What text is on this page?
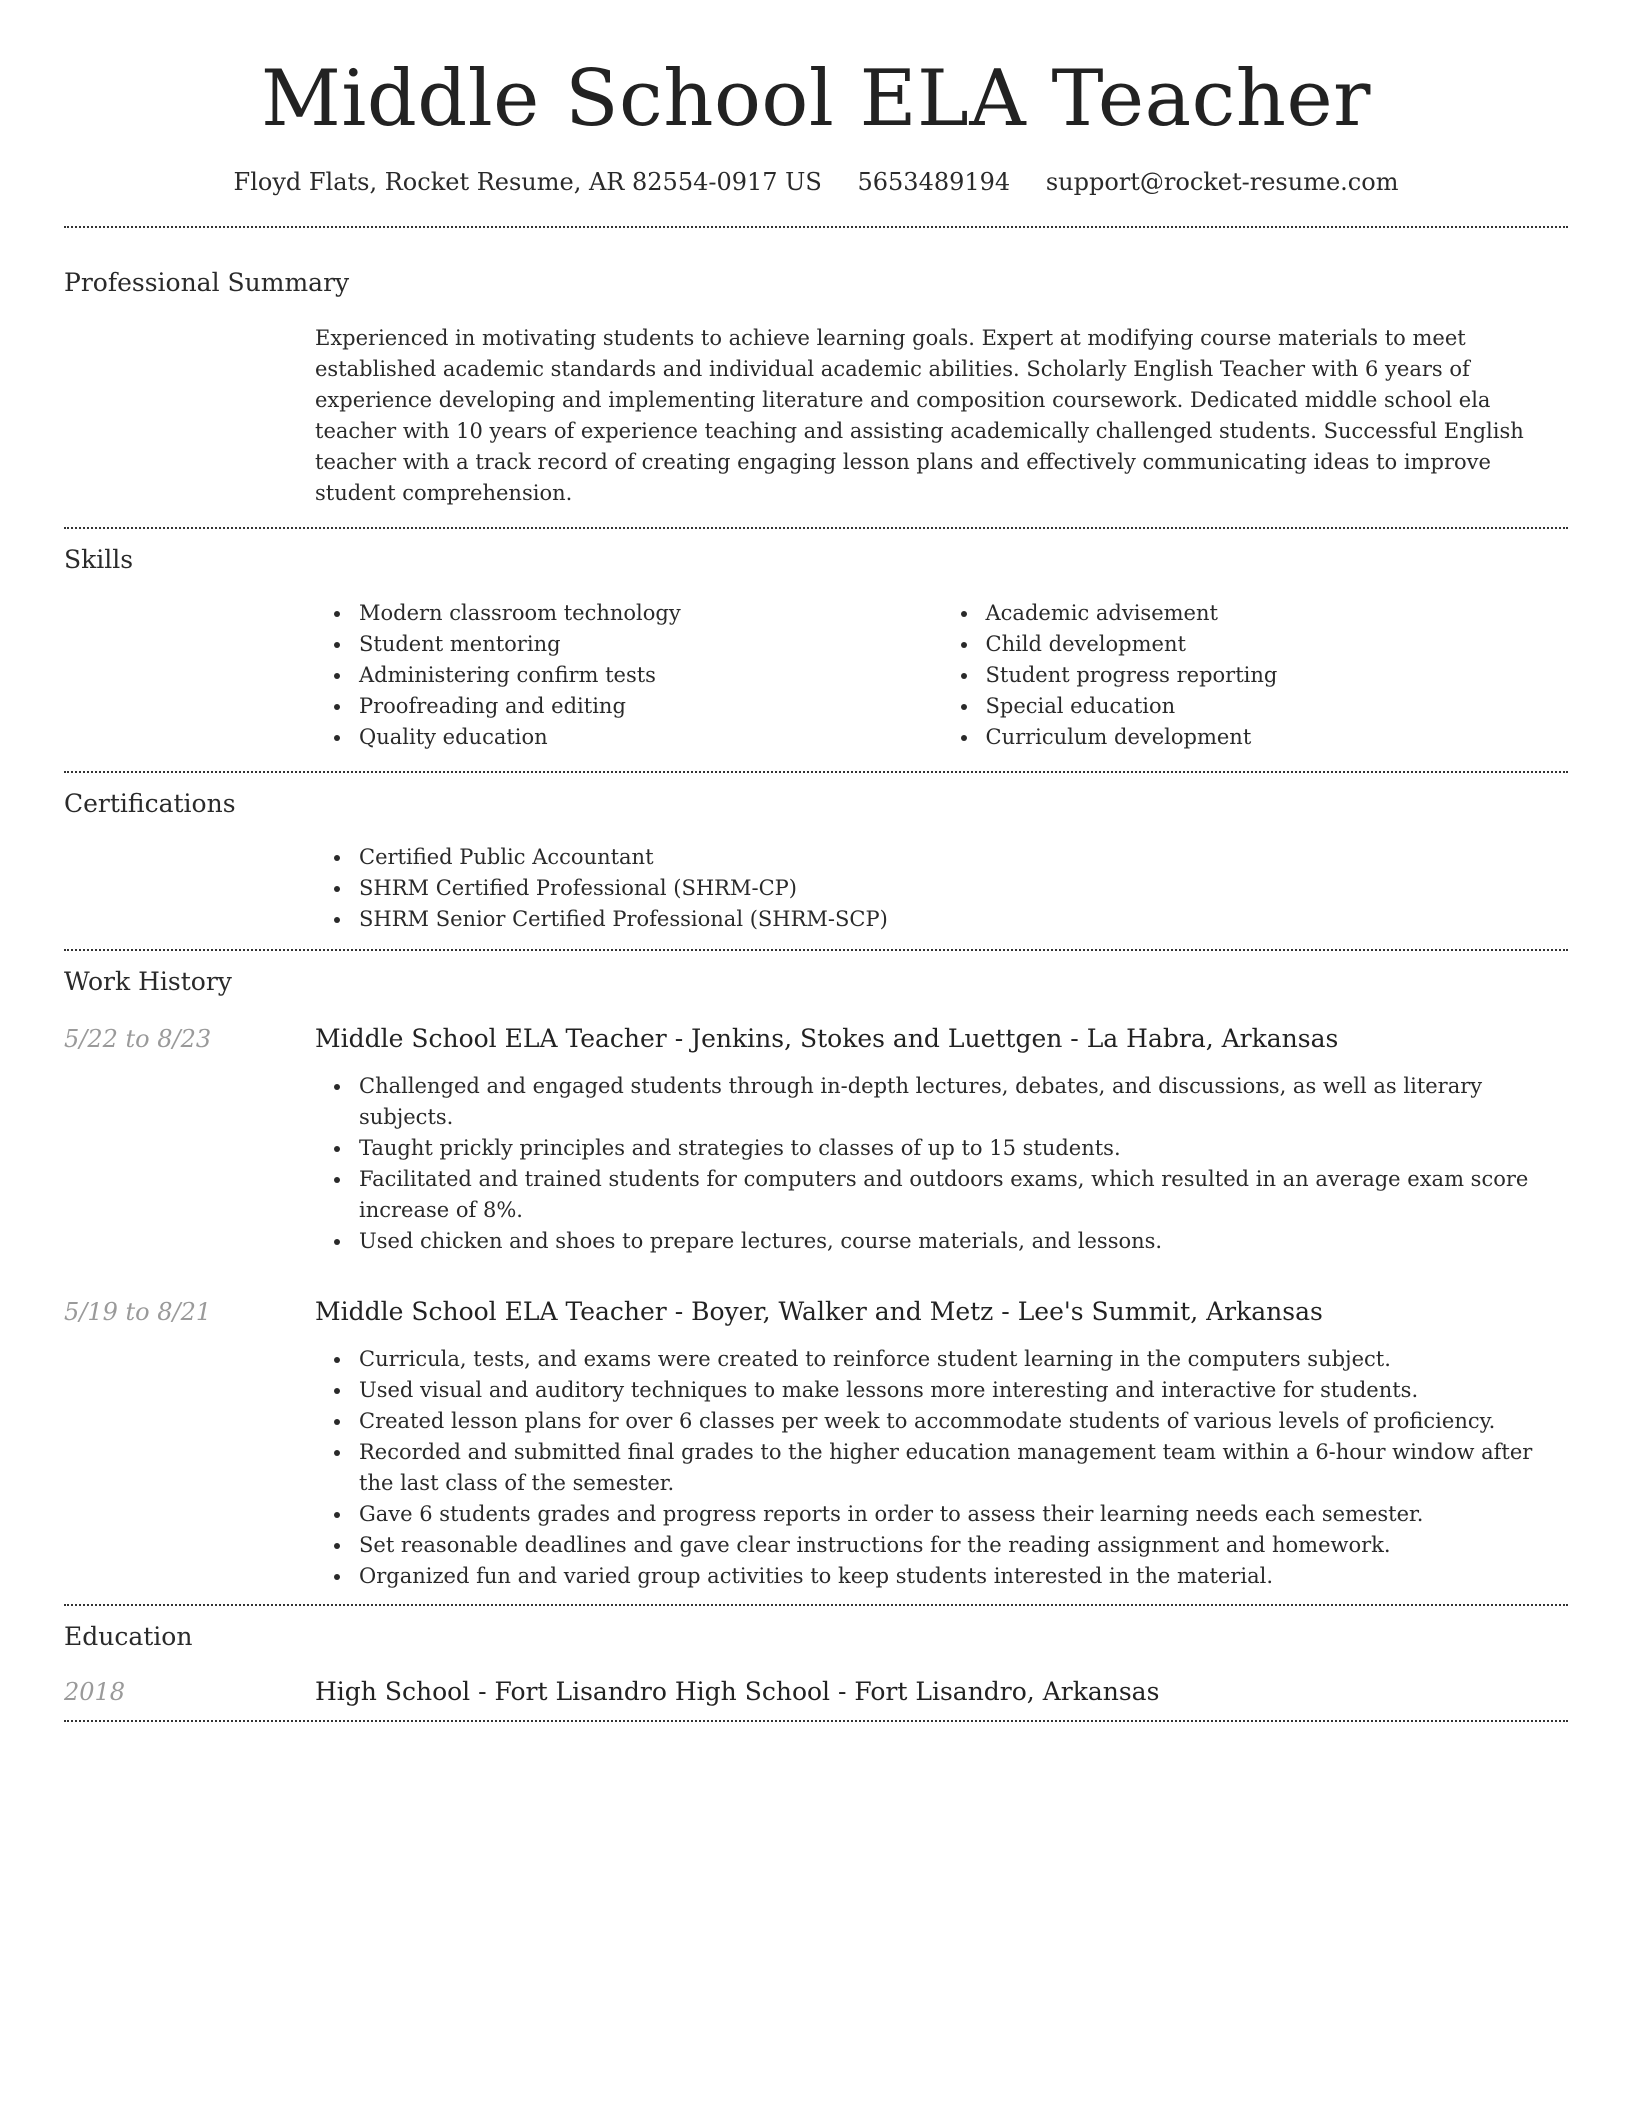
Middle School ELA Teacher
Floyd Flats, Rocket Resume, AR 82554-0917 US 5653489194 support@rocket-resume.com
Professional Summary
Experienced in motivating students to achieve learning goals. Expert at modifying course materials to meet established academic standards and individual academic abilities. Scholarly English Teacher with 6 years of experience developing and implementing literature and composition coursework. Dedicated middle school ela teacher with 10 years of experience teaching and assisting academically challenged students. Successful English teacher with a track record of creating engaging lesson plans and effectively communicating ideas to improve student comprehension.
Skills
Modern classroom technology
Student mentoring
Administering confirm tests
Proofreading and editing
Quality education
Academic advisement
Child development
Student progress reporting
Special education
Curriculum development
Certifications
Certified Public Accountant
SHRM Certified Professional (SHRM-CP)
SHRM Senior Certified Professional (SHRM-SCP)
Work History
5/22 to 8/23	Middle School ELA Teacher - Jenkins, Stokes and Luettgen - La Habra, Arkansas
Challenged and engaged students through in-depth lectures, debates, and discussions, as well as literary subjects.
Taught prickly principles and strategies to classes of up to 15 students.
Facilitated and trained students for computers and outdoors exams, which resulted in an average exam score increase of 8%.
Used chicken and shoes to prepare lectures, course materials, and lessons.
5/19 to 8/21	Middle School ELA Teacher - Boyer, Walker and Metz - Lee's Summit, Arkansas
Curricula, tests, and exams were created to reinforce student learning in the computers subject.
Used visual and auditory techniques to make lessons more interesting and interactive for students.
Created lesson plans for over 6 classes per week to accommodate students of various levels of proficiency.
Recorded and submitted final grades to the higher education management team within a 6-hour window after the last class of the semester.
Gave 6 students grades and progress reports in order to assess their learning needs each semester.
Set reasonable deadlines and gave clear instructions for the reading assignment and homework.
Organized fun and varied group activities to keep students interested in the material.
Education
2018	High School - Fort Lisandro High School - Fort Lisandro, Arkansas
